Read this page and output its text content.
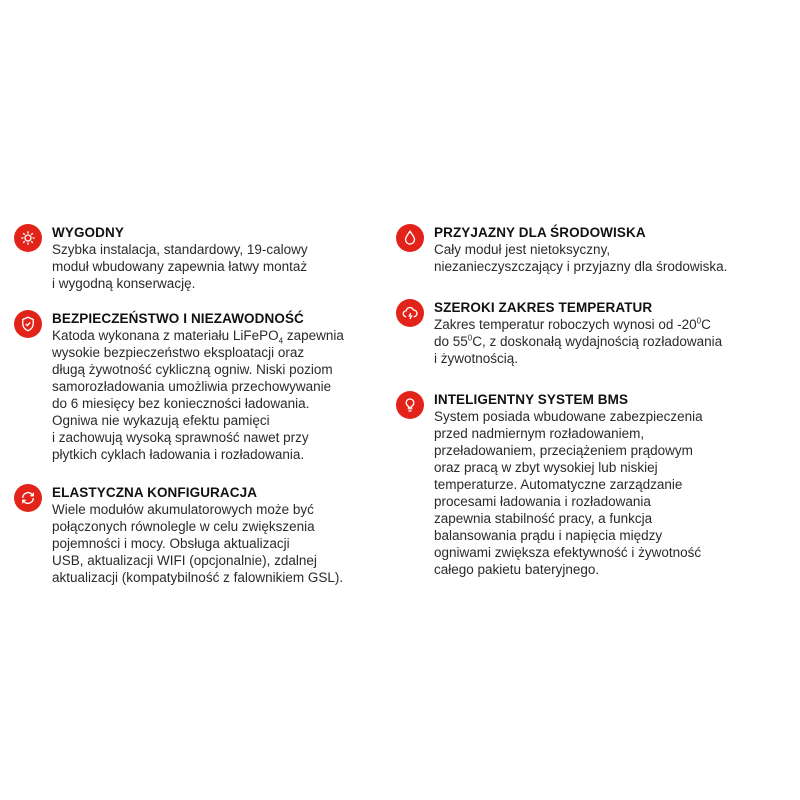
WYGODNY

Szybka instalacja, standardowy, 19-calowy
moduł wbudowany zapewnia łatwy montaż
i wygodną konserwację.

BEZPIECZEŃSTWO I NIEZAWODNOŚĆ

Katoda wykonana z materiału LiFePO$_4$ zapewnia
wysokie bezpieczeństwo eksploatacji oraz
długą żywotność cykliczną ogniw. Niski poziom
samorozładowania umożliwia przechowywanie
do 6 miesięcy bez konieczności ładowania.
Ogniwa nie wykazują efektu pamięci
i zachowują wysoką sprawność nawet przy
płytkich cyklach ładowania i rozładowania.

ELASTYCZNA KONFIGURACJA

Wiele modułów akumulatorowych może być
połączonych równolegle w celu zwiększenia
pojemności i mocy. Obsługa aktualizacji
USB, aktualizacji WIFI (opcjonalnie), zdalnej
aktualizacji (kompatybilność z falownikiem GSL).

PRZYJAZNY DLA ŚRODOWISKA

Cały moduł jest nietoksyczny,
niezanieczyszczający i przyjazny dla środowiska.

SZEROKI ZAKRES TEMPERATUR

Zakres temperatur roboczych wynosi od $-20^0C$
do $55^0C$, z doskonałą wydajnością rozładowania
i żywotnością.

INTELIGENTNY SYSTEM BMS

System posiada wbudowane zabezpieczenia
przed nadmiernym rozładowaniem,
przeładowaniem, przeciążeniem prądowym
oraz pracą w zbyt wysokiej lub niskiej
temperaturze. Automatyczne zarządzanie
procesami ładowania i rozładowania
zapewnia stabilność pracy, a funkcja
balansowania prądu i napięcia między
ogniwami zwiększa efektywność i żywotność
całego pakietu bateryjnego.
